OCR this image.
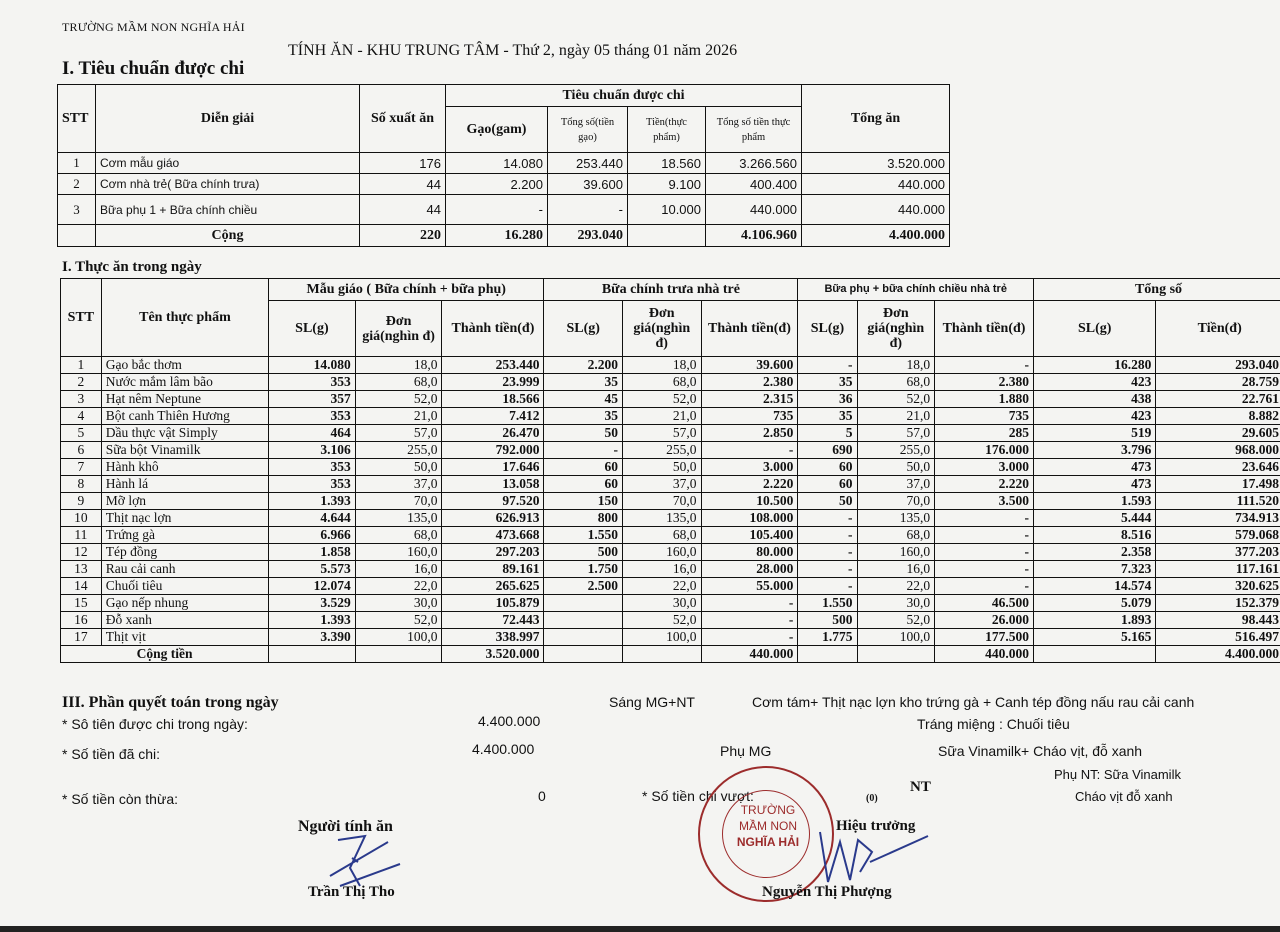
TRƯỜNG MẦM NON NGHĨA HẢI
TÍNH ĂN - KHU TRUNG TÂM - Thứ 2, ngày 05 tháng 01 năm 2026
I. Tiêu chuẩn được chi
STT	Diễn giải	Số xuất ăn	Tiêu chuẩn được chi				Tổng ăn
			Gạo(gam)	Tổng số(tiền gạo)	Tiền(thực phẩm)	Tổng số tiền thực phẩm	
1	Cơm mẫu giáo	176	14.080	253.440	18.560	3.266.560	3.520.000
2	Cơm nhà trẻ( Bữa chính trưa)	44	2.200	39.600	9.100	400.400	440.000
3	Bữa phụ 1 + Bữa chính chiều	44	-	-	10.000	440.000	440.000
	Cộng	220	16.280	293.040		4.106.960	4.400.000
I. Thực ăn trong ngày
STT	Tên thực phẩm	Mẫu giáo ( Bữa chính + bữa phụ)			Bữa chính trưa nhà trẻ			Bữa phụ + bữa chính chiều nhà trẻ			Tổng số	
		SL(g)	Đơn giá(nghìn đ)	Thành tiền(đ)	SL(g)	Đơn giá(nghìn đ)	Thành tiền(đ)	SL(g)	Đơn giá(nghìn đ)	Thành tiền(đ)	SL(g)	Tiền(đ)
1	Gạo bắc thơm	14.080	18,0	253.440	2.200	18,0	39.600	-	18,0	-	16.280	293.040
2	Nước mắm lâm bão	353	68,0	23.999	35	68,0	2.380	35	68,0	2.380	423	28.759
3	Hạt nêm Neptune	357	52,0	18.566	45	52,0	2.315	36	52,0	1.880	438	22.761
4	Bột canh Thiên Hương	353	21,0	7.412	35	21,0	735	35	21,0	735	423	8.882
5	Dầu thực vật Simply	464	57,0	26.470	50	57,0	2.850	5	57,0	285	519	29.605
6	Sữa bột Vinamilk	3.106	255,0	792.000	-	255,0	-	690	255,0	176.000	3.796	968.000
7	Hành khô	353	50,0	17.646	60	50,0	3.000	60	50,0	3.000	473	23.646
8	Hành lá	353	37,0	13.058	60	37,0	2.220	60	37,0	2.220	473	17.498
9	Mỡ lợn	1.393	70,0	97.520	150	70,0	10.500	50	70,0	3.500	1.593	111.520
10	Thịt nạc lợn	4.644	135,0	626.913	800	135,0	108.000	-	135,0	-	5.444	734.913
11	Trứng gà	6.966	68,0	473.668	1.550	68,0	105.400	-	68,0	-	8.516	579.068
12	Tép đồng	1.858	160,0	297.203	500	160,0	80.000	-	160,0	-	2.358	377.203
13	Rau cải canh	5.573	16,0	89.161	1.750	16,0	28.000	-	16,0	-	7.323	117.161
14	Chuối tiêu	12.074	22,0	265.625	2.500	22,0	55.000	-	22,0	-	14.574	320.625
15	Gạo nếp nhung	3.529	30,0	105.879		30,0	-	1.550	30,0	46.500	5.079	152.379
16	Đỗ xanh	1.393	52,0	72.443		52,0	-	500	52,0	26.000	1.893	98.443
17	Thịt vịt	3.390	100,0	338.997		100,0	-	1.775	100,0	177.500	5.165	516.497
Cộng tiền				3.520.000			440.000			440.000		4.400.000
III. Phần quyết toán trong ngày
* Sô tiên được chi trong ngày:	4.400.000
* Số tiền đã chi:	4.400.000
* Số tiền còn thừa:	0	* Số tiền chi vượt:	(0)
Sáng MG+NT	Cơm tám+ Thịt nạc lợn kho trứng gà + Canh tép đồng nấu rau cải canh
Tráng miệng : Chuối tiêu
Phụ MG	Sữa Vinamilk+ Cháo vịt, đỗ xanh
NT
Phụ NT: Sữa Vinamilk
Cháo vịt đỗ xanh
Người tính ăn
Trần Thị Tho
TRƯỜNG
MẦM NON
NGHĨA HẢI
Hiệu trưởng
Nguyễn Thị Phượng
